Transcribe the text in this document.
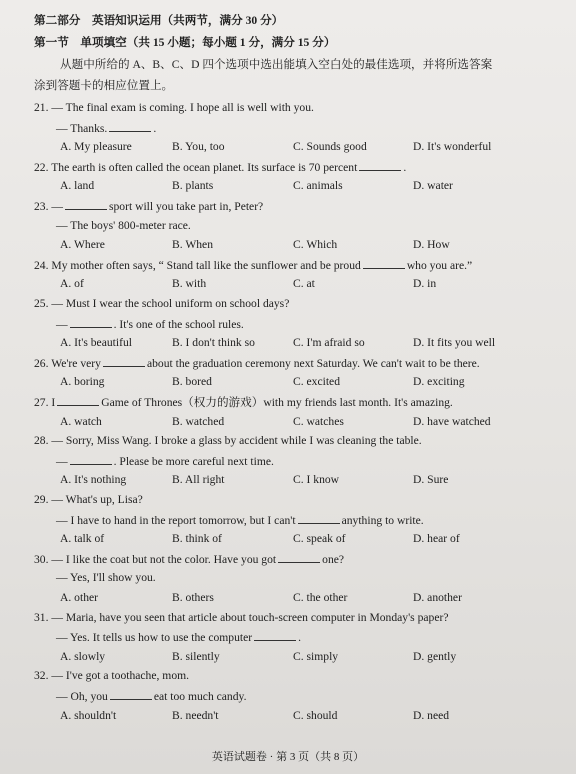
第二部分　英语知识运用（共两节，满分 30 分）
第一节　单项填空（共 15 小题；每小题 1 分，满分 15 分）
从题中所给的 A、B、C、D 四个选项中选出能填入空白处的最佳选项，并将所选答案
涂到答题卡的相应位置上。
21. — The final exam is coming. I hope all is well with you.
— Thanks.	.
A. My pleasure	B. You, too	C. Sounds good	D. It's wonderful
22. The earth is often called the ocean planet. Its surface is 70 percent	.
A. land	B. plants	C. animals	D. water
23. —	sport will you take part in, Peter?
— The boys' 800-meter race.
A. Where	B. When	C. Which	D. How
24. My mother often says, “ Stand tall like the sunflower and be proud	who you are.”
A. of	B. with	C. at	D. in
25. — Must I wear the school uniform on school days?
—	. It's one of the school rules.
A. It's beautiful	B. I don't think so	C. I'm afraid so	D. It fits you well
26. We're very	about the graduation ceremony next Saturday. We can't wait to be there.
A. boring	B. bored	C. excited	D. exciting
27. I	Game of Thrones（权力的游戏）with my friends last month. It's amazing.
A. watch	B. watched	C. watches	D. have watched
28. — Sorry, Miss Wang. I broke a glass by accident while I was cleaning the table.
—	. Please be more careful next time.
A. It's nothing	B. All right	C. I know	D. Sure
29. — What's up, Lisa?
— I have to hand in the report tomorrow, but I can't	anything to write.
A. talk of	B. think of	C. speak of	D. hear of
30. — I like the coat but not the color. Have you got	one?
— Yes, I'll show you.
A. other	B. others	C. the other	D. another
31. — Maria, have you seen that article about touch-screen computer in Monday's paper?
— Yes. It tells us how to use the computer	.
A. slowly	B. silently	C. simply	D. gently
32. — I've got a toothache, mom.
— Oh, you	eat too much candy.
A. shouldn't	B. needn't	C. should	D. need
英语试题卷 · 第 3 页（共 8 页）
